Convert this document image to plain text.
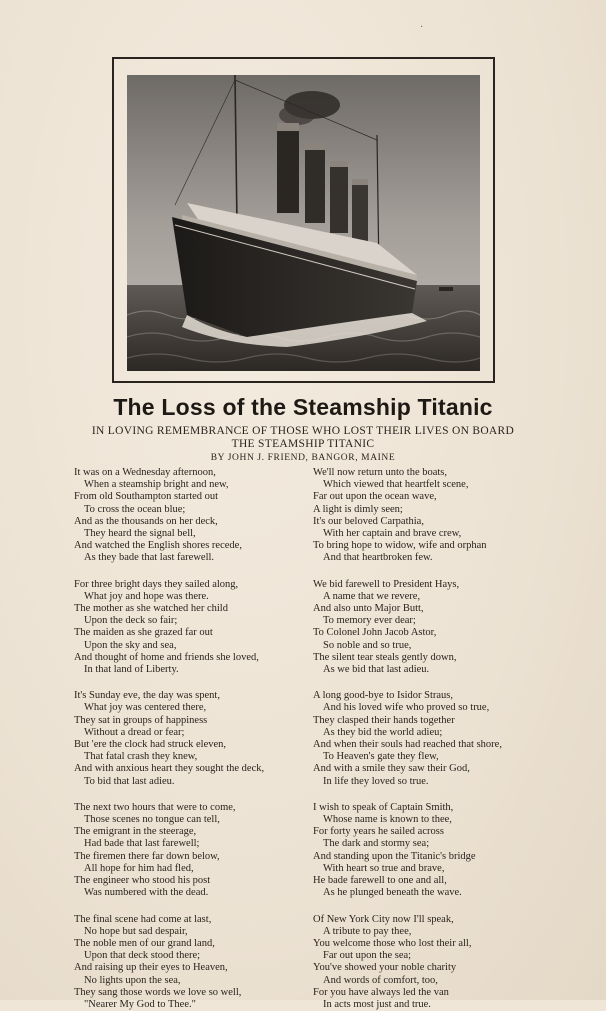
·
The Loss of the Steamship Titanic
IN LOVING REMEMBRANCE OF THOSE WHO LOST THEIR LIVES ON BOARD
THE STEAMSHIP TITANIC
BY JOHN J. FRIEND, BANGOR, MAINE
It was on a Wednesday afternoon,
When a steamship bright and new,
From old Southampton started out
To cross the ocean blue;
And as the thousands on her deck,
They heard the signal bell,
And watched the English shores recede,
As they bade that last farewell.
For three bright days they sailed along,
What joy and hope was there.
The mother as she watched her child
Upon the deck so fair;
The maiden as she grazed far out
Upon the sky and sea,
And thought of home and friends she loved,
In that land of Liberty.
It's Sunday eve, the day was spent,
What joy was centered there,
They sat in groups of happiness
Without a dread or fear;
But 'ere the clock had struck eleven,
That fatal crash they knew,
And with anxious heart they sought the deck,
To bid that last adieu.
The next two hours that were to come,
Those scenes no tongue can tell,
The emigrant in the steerage,
Had bade that last farewell;
The firemen there far down below,
All hope for him had fled,
The engineer who stood his post
Was numbered with the dead.
The final scene had come at last,
No hope but sad despair,
The noble men of our grand land,
Upon that deck stood there;
And raising up their eyes to Heaven,
No lights upon the sea,
They sang those words we love so well,
"Nearer My God to Thee."
We'll now return unto the boats,
Which viewed that heartfelt scene,
Far out upon the ocean wave,
A light is dimly seen;
It's our beloved Carpathia,
With her captain and brave crew,
To bring hope to widow, wife and orphan
And that heartbroken few.
We bid farewell to President Hays,
A name that we revere,
And also unto Major Butt,
To memory ever dear;
To Colonel John Jacob Astor,
So noble and so true,
The silent tear steals gently down,
As we bid that last adieu.
A long good-bye to Isidor Straus,
And his loved wife who proved so true,
They clasped their hands together
As they bid the world adieu;
And when their souls had reached that shore,
To Heaven's gate they flew,
And with a smile they saw their God,
In life they loved so true.
I wish to speak of Captain Smith,
Whose name is known to thee,
For forty years he sailed across
The dark and stormy sea;
And standing upon the Titanic's bridge
With heart so true and brave,
He bade farewell to one and all,
As he plunged beneath the wave.
Of New York City now I'll speak,
A tribute to pay thee,
You welcome those who lost their all,
Far out upon the sea;
You've showed your noble charity
And words of comfort, too,
For you have always led the van
In acts most just and true.
